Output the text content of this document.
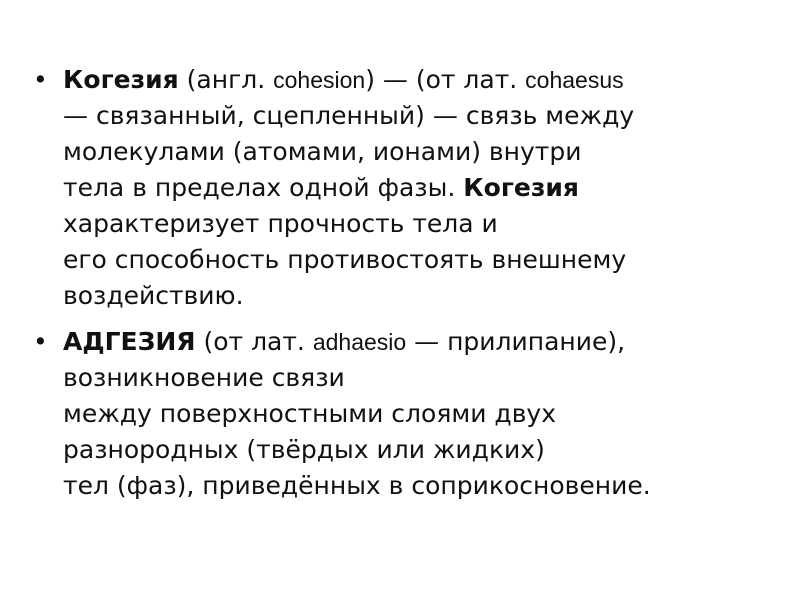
• Когезия (англ. cohesion) — (от лат. cohaesus
— связанный, сцепленный) — связь между
молекулами (атомами, ионами) внутри
тела в пределах одной фазы. Когезия
характеризует прочность тела и
его способность противостоять внешнему
воздействию.
• АДГЕЗИЯ (от лат. adhaesio — прилипание),
возникновение связи
между поверхностными слоями двух
разнородных (твёрдых или жидких)
тел (фаз), приведённых в соприкосновение.
